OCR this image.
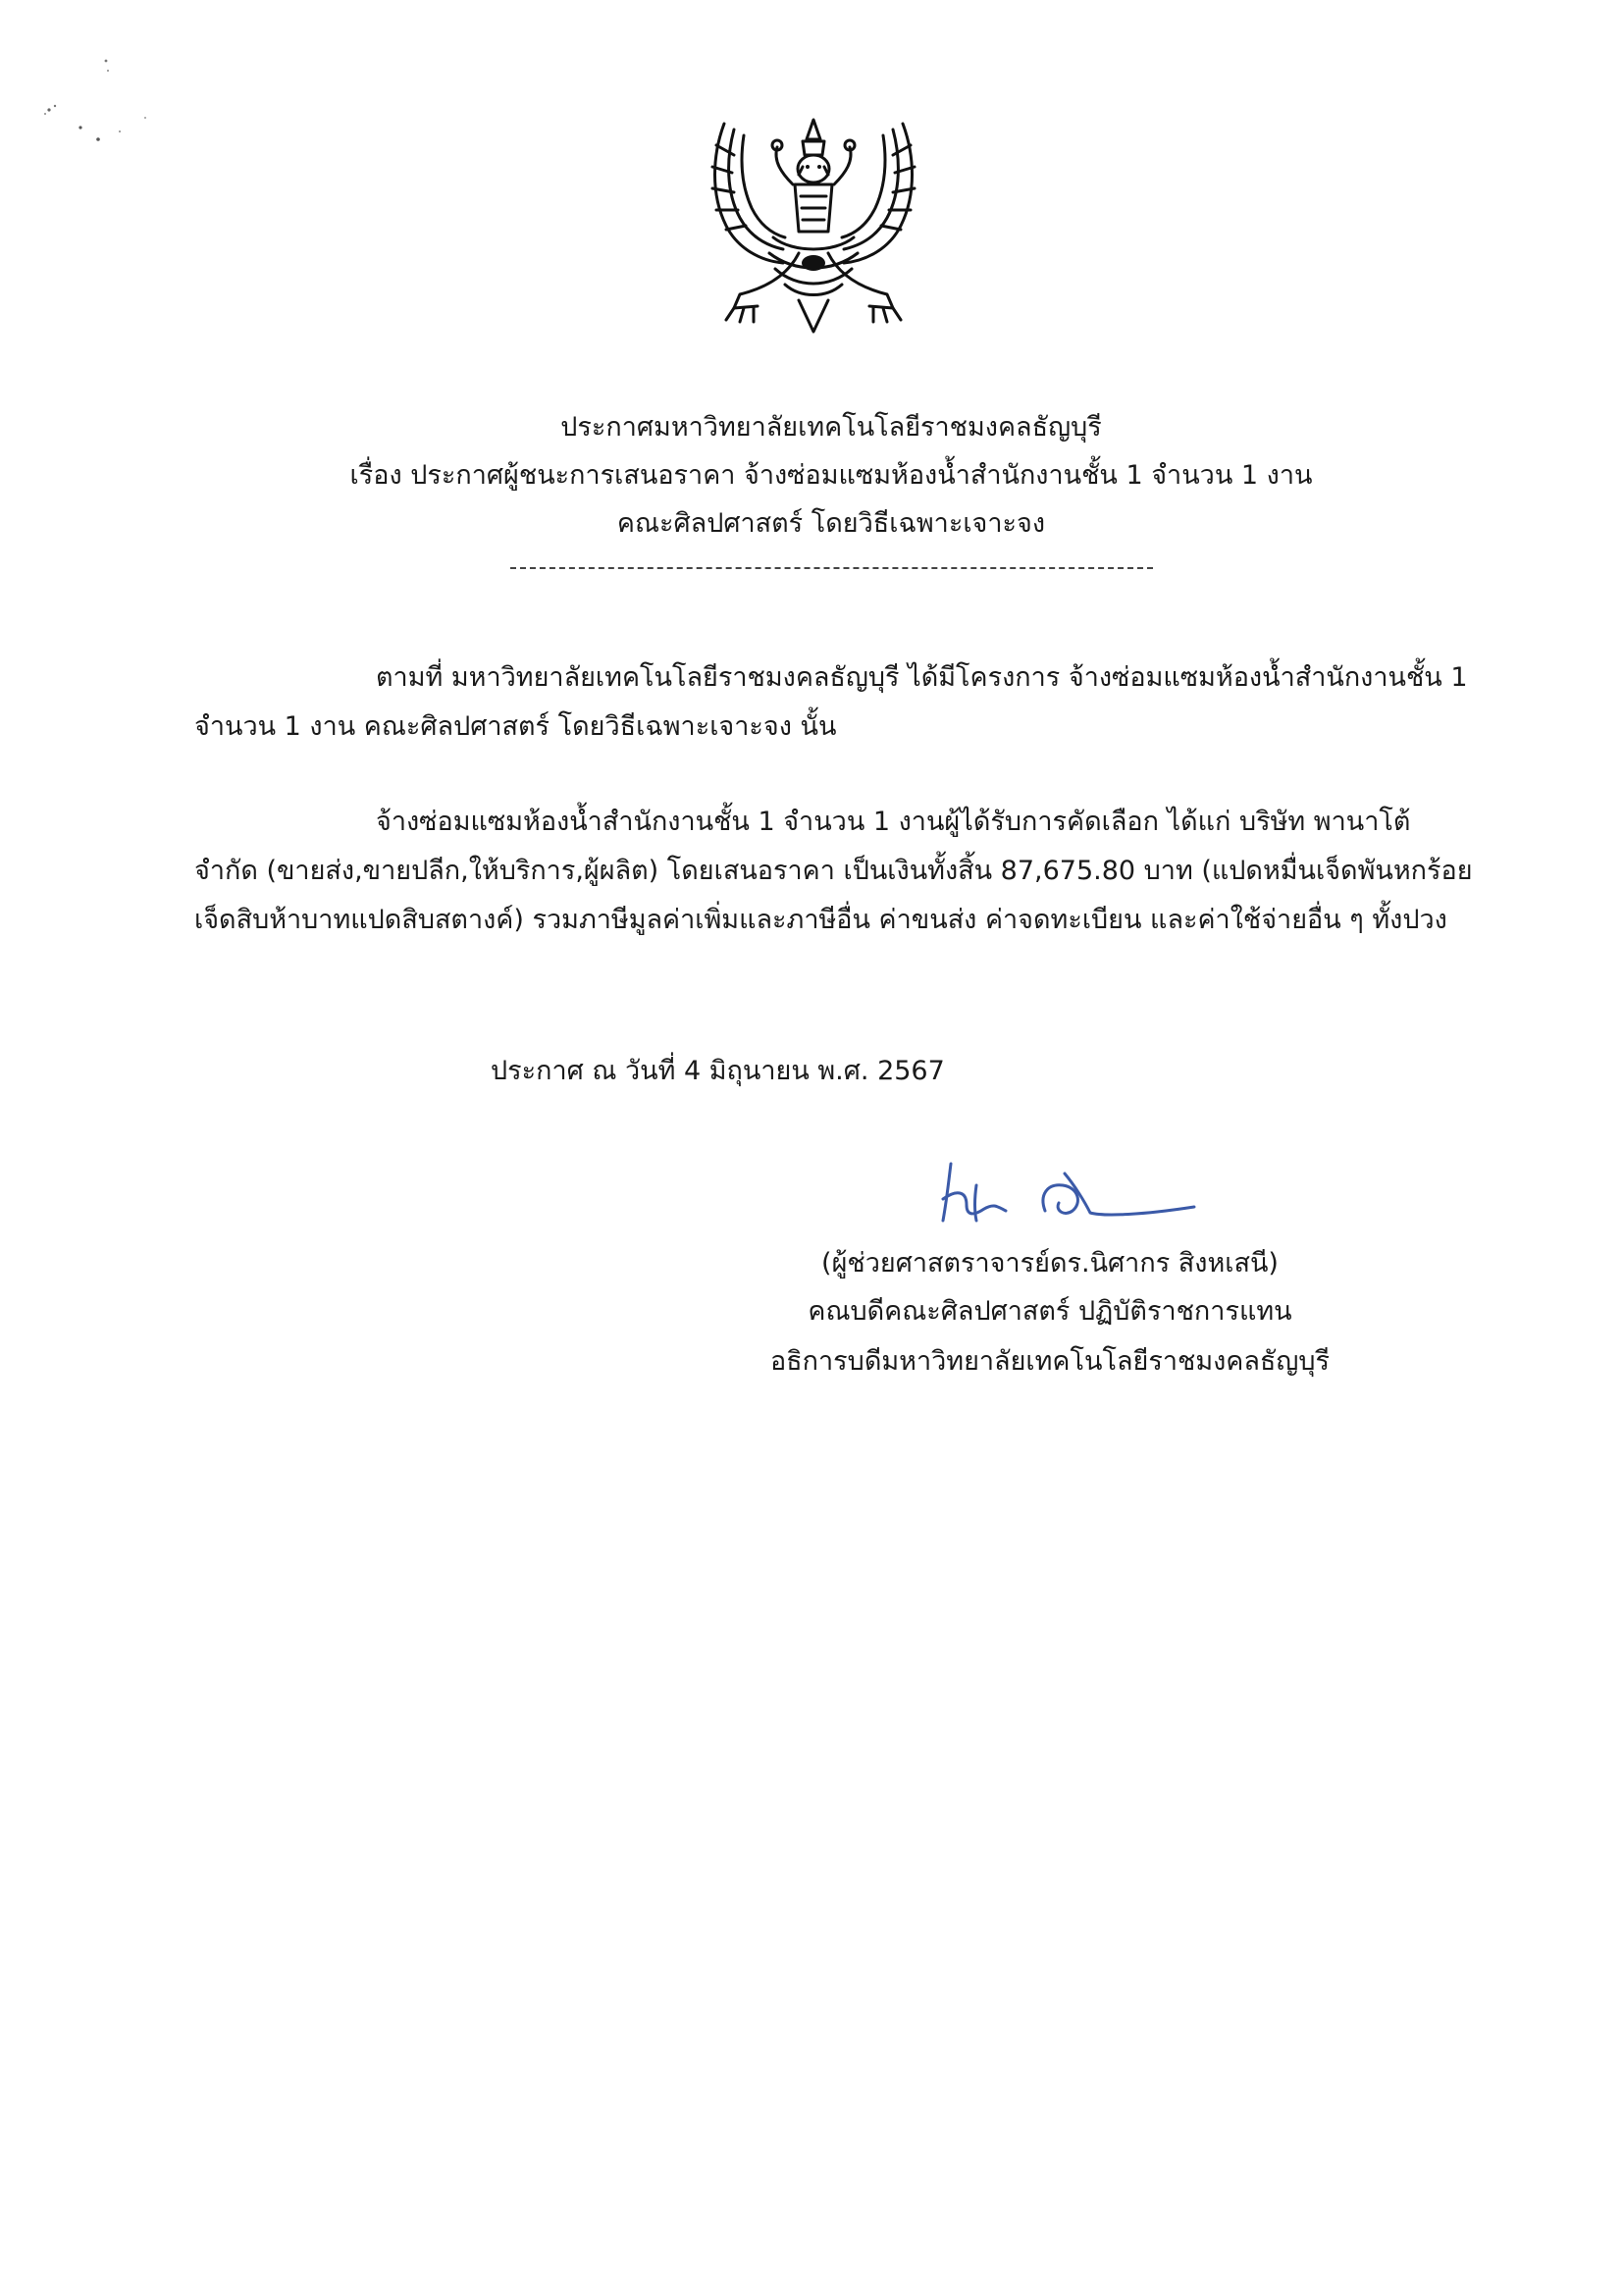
ประกาศมหาวิทยาลัยเทคโนโลยีราชมงคลธัญบุรี
เรื่อง ประกาศผู้ชนะการเสนอราคา จ้างซ่อมแซมห้องน้ำสำนักงานชั้น 1 จำนวน 1 งาน
คณะศิลปศาสตร์ โดยวิธีเฉพาะเจาะจง
ตามที่ มหาวิทยาลัยเทคโนโลยีราชมงคลธัญบุรี ได้มีโครงการ จ้างซ่อมแซมห้องน้ำสำนักงานชั้น 1
จำนวน 1 งาน คณะศิลปศาสตร์ โดยวิธีเฉพาะเจาะจง นั้น
จ้างซ่อมแซมห้องน้ำสำนักงานชั้น 1 จำนวน 1 งานผู้ได้รับการคัดเลือก ได้แก่ บริษัท พานาโต้
จำกัด (ขายส่ง,ขายปลีก,ให้บริการ,ผู้ผลิต) โดยเสนอราคา เป็นเงินทั้งสิ้น 87,675.80 บาท (แปดหมื่นเจ็ดพันหกร้อย
เจ็ดสิบห้าบาทแปดสิบสตางค์) รวมภาษีมูลค่าเพิ่มและภาษีอื่น ค่าขนส่ง ค่าจดทะเบียน และค่าใช้จ่ายอื่น ๆ ทั้งปวง
ประกาศ ณ วันที่ 4 มิถุนายน พ.ศ. 2567
(ผู้ช่วยศาสตราจารย์ดร.นิศากร สิงหเสนี)
คณบดีคณะศิลปศาสตร์ ปฏิบัติราชการแทน
อธิการบดีมหาวิทยาลัยเทคโนโลยีราชมงคลธัญบุรี
